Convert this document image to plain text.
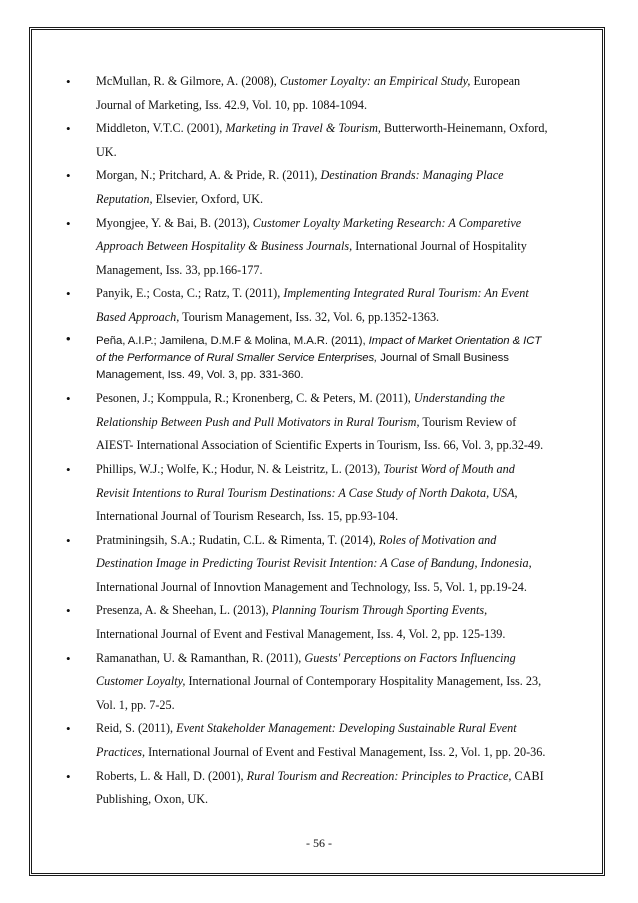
• McMullan, R. & Gilmore, A. (2008), Customer Loyalty: an Empirical Study, European Journal of Marketing, Iss. 42.9, Vol. 10, pp. 1084-1094.
• Middleton, V.T.C. (2001), Marketing in Travel & Tourism, Butterworth-Heinemann, Oxford, UK.
• Morgan, N.; Pritchard, A. & Pride, R. (2011), Destination Brands: Managing Place Reputation, Elsevier, Oxford, UK.
• Myongjee, Y. & Bai, B. (2013), Customer Loyalty Marketing Research: A Comparetive Approach Between Hospitality & Business Journals, International Journal of Hospitality Management, Iss. 33, pp.166-177.
• Panyik, E.; Costa, C.; Ratz, T. (2011), Implementing Integrated Rural Tourism: An Event Based Approach, Tourism Management, Iss. 32, Vol. 6, pp.1352-1363.
• Peña, A.I.P.; Jamilena, D.M.F & Molina, M.A.R. (2011), Impact of Market Orientation & ICT of the Performance of Rural Smaller Service Enterprises, Journal of Small Business Management, Iss. 49, Vol. 3, pp. 331-360.
• Pesonen, J.; Komppula, R.; Kronenberg, C. & Peters, M. (2011), Understanding the Relationship Between Push and Pull Motivators in Rural Tourism, Tourism Review of AIEST- International Association of Scientific Experts in Tourism, Iss. 66, Vol. 3, pp.32-49.
• Phillips, W.J.; Wolfe, K.; Hodur, N. & Leistritz, L. (2013), Tourist Word of Mouth and Revisit Intentions to Rural Tourism Destinations: A Case Study of North Dakota, USA, International Journal of Tourism Research, Iss. 15, pp.93-104.
• Pratminingsih, S.A.; Rudatin, C.L. & Rimenta, T. (2014), Roles of Motivation and Destination Image in Predicting Tourist Revisit Intention: A Case of Bandung, Indonesia, International Journal of Innovtion Management and Technology, Iss. 5, Vol. 1, pp.19-24.
• Presenza, A. & Sheehan, L. (2013), Planning Tourism Through Sporting Events, International Journal of Event and Festival Management, Iss. 4, Vol. 2, pp. 125-139.
• Ramanathan, U. & Ramanthan, R. (2011), Guests' Perceptions on Factors Influencing Customer Loyalty, International Journal of Contemporary Hospitality Management, Iss. 23, Vol. 1, pp. 7-25.
• Reid, S. (2011), Event Stakeholder Management: Developing Sustainable Rural Event Practices, International Journal of Event and Festival Management, Iss. 2, Vol. 1, pp. 20-36.
• Roberts, L. & Hall, D. (2001), Rural Tourism and Recreation: Principles to Practice, CABI Publishing, Oxon, UK.
- 56 -
